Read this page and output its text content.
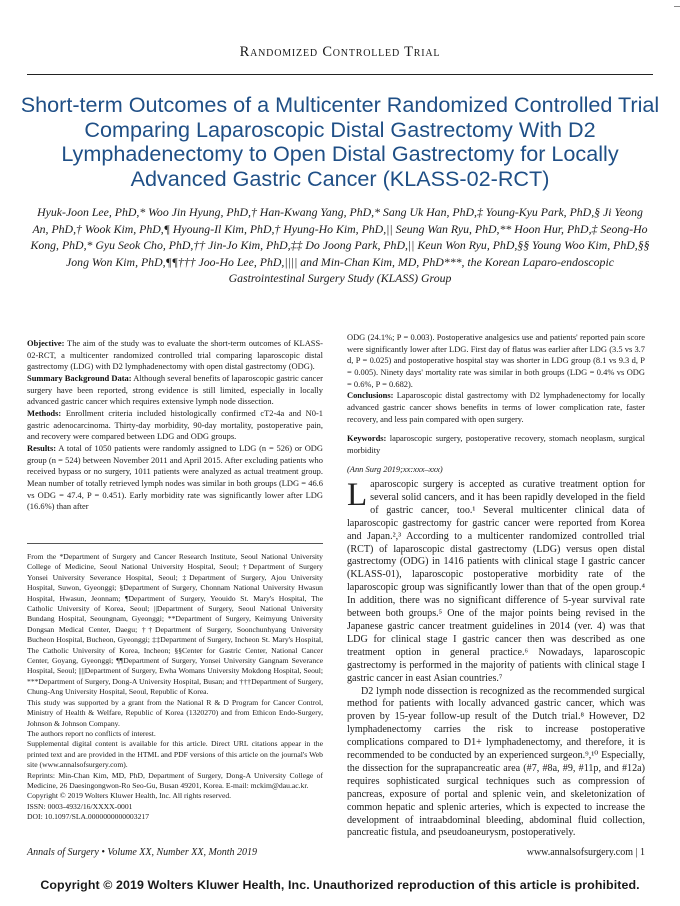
Randomized Controlled Trial
Short-term Outcomes of a Multicenter Randomized Controlled Trial Comparing Laparoscopic Distal Gastrectomy With D2 Lymphadenectomy to Open Distal Gastrectomy for Locally Advanced Gastric Cancer (KLASS-02-RCT)
Hyuk-Joon Lee, PhD,* Woo Jin Hyung, PhD,† Han-Kwang Yang, PhD,* Sang Uk Han, PhD,‡ Young-Kyu Park, PhD,§ Ji Yeong An, PhD,† Wook Kim, PhD,¶ Hyoung-Il Kim, PhD,† Hyung-Ho Kim, PhD,|| Seung Wan Ryu, PhD,** Hoon Hur, PhD,‡ Seong-Ho Kong, PhD,* Gyu Seok Cho, PhD,†† Jin-Jo Kim, PhD,‡‡ Do Joong Park, PhD,|| Keun Won Ryu, PhD,§§ Young Woo Kim, PhD,§§ Jong Won Kim, PhD,¶¶††† Joo-Ho Lee, PhD,|||| and Min-Chan Kim, MD, PhD***, the Korean Laparo-endoscopic Gastrointestinal Surgery Study (KLASS) Group

Objective: The aim of the study was to evaluate the short-term outcomes of KLASS-02-RCT, a multicenter randomized controlled trial comparing laparoscopic distal gastrectomy (LDG) with D2 lymphadenectomy with open distal gastrectomy (ODG).

Summary Background Data: Although several benefits of laparoscopic gastric cancer surgery have been reported, strong evidence is still limited, especially in locally advanced gastric cancer which requires extensive lymph node dissection.

Methods: Enrollment criteria included histologically confirmed cT2-4a and N0-1 gastric adenocarcinoma. Thirty-day morbidity, 90-day mortality, postoperative pain, and recovery were compared between LDG and ODG groups.

Results: A total of 1050 patients were randomly assigned to LDG (n = 526) or ODG group (n = 524) between November 2011 and April 2015. After excluding patients who received bypass or no surgery, 1011 patients were analyzed as actual treatment group. Mean number of totally retrieved lymph nodes was similar in both groups (LDG = 46.6 vs ODG = 47.4, P = 0.451). Early morbidity rate was significantly lower after LDG (16.6%) than after

ODG (24.1%; P = 0.003). Postoperative analgesics use and patients' reported pain score were significantly lower after LDG. First day of flatus was earlier after LDG (3.5 vs 3.7 d, P = 0.025) and postoperative hospital stay was shorter in LDG group (8.1 vs 9.3 d, P = 0.005). Ninety days' mortality rate was similar in both groups (LDG = 0.4% vs ODG = 0.6%, P = 0.682).

Conclusions: Laparoscopic distal gastrectomy with D2 lymphadenectomy for locally advanced gastric cancer shows benefits in terms of lower complication rate, faster recovery, and less pain compared with open surgery.

Keywords: laparoscopic surgery, postoperative recovery, stomach neoplasm, surgical morbidity

(Ann Surg 2019;xx:xxx–xxx)

Laparoscopic surgery is accepted as curative treatment option for several solid cancers, and it has been rapidly developed in the field of gastric cancer, too.¹ Several multicenter clinical data of laparoscopic gastrectomy for gastric cancer were reported from Korea and Japan.²,³ According to a multicenter randomized controlled trial (RCT) of laparoscopic distal gastrectomy (LDG) versus open distal gastrectomy (ODG) in 1416 patients with clinical stage I gastric cancer (KLASS-01), laparoscopic postoperative morbidity rate of the laparoscopic group was significantly lower than that of the open group.⁴ In addition, there was no significant difference of 5-year survival rate between both groups.⁵ One of the major points being revised in the Japanese gastric cancer treatment guidelines in 2014 (ver. 4) was that LDG for clinical stage I gastric cancer then was described as one treatment option in general practice.⁶ Nowadays, laparoscopic gastrectomy is performed in the majority of patients with clinical stage I gastric cancer in east Asian countries.⁷

D2 lymph node dissection is recognized as the recommended surgical method for patients with locally advanced gastric cancer, which was proven by 15-year follow-up result of the Dutch trial.⁸ However, D2 lymphadenectomy carries the risk to increase postoperative complications compared to D1+ lymphadenectomy, and therefore, it is recommended to be conducted by an experienced surgeon.⁹,¹⁰ Especially, the dissection for the suprapancreatic area (#7, #8a, #9, #11p, and #12a) requires sophisticated surgical techniques such as compression of pancreas, exposure of portal and splenic vein, and skeletonization of common hepatic and splenic arteries, which is expected to increase the development of intraabdominal bleeding, abdominal fluid collection, pancreatic fistula, and pseudoaneurysm, postoperatively.

From the *Department of Surgery and Cancer Research Institute, Seoul National University College of Medicine, Seoul National University Hospital, Seoul; †Department of Surgery Yonsei University Severance Hospital, Seoul; ‡Department of Surgery, Ajou University Hospital, Suwon, Gyeonggi; §Department of Surgery, Chonnam National University Hwasun Hospital, Hwasun, Jeonnam; ¶Department of Surgery, Yeouido St. Mary's Hospital, The Catholic University of Korea, Seoul; ||Department of Surgery, Seoul National University Bundang Hospital, Seoungnam, Gyeonggi; **Department of Surgery, Keimyung University Dongsan Medical Center, Daegu; ††Department of Surgery, Soonchunhyang University Bucheon Hospital, Bucheon, Gyeonggi; ‡‡Department of Surgery, Incheon St. Mary's Hospital, The Catholic University of Korea, Incheon; §§Center for Gastric Center, National Cancer Center, Goyang, Gyeonggi; ¶¶Department of Surgery, Yonsei University Gangnam Severance Hospital, Seoul; ||||Department of Surgery, Ewha Womans University Mokdong Hospital, Seoul; ***Department of Surgery, Dong-A University Hospital, Busan; and †††Department of Surgery, Chung-Ang University Hospital, Seoul, Republic of Korea.

This study was supported by a grant from the National R & D Program for Cancer Control, Ministry of Health & Welfare, Republic of Korea (1320270) and from Ethicon Endo-Surgery, Johnson & Johnson Company.

The authors report no conflicts of interest.

Supplemental digital content is available for this article. Direct URL citations appear in the printed text and are provided in the HTML and PDF versions of this article on the journal's Web site (www.annalsofsurgery.com).

Reprints: Min-Chan Kim, MD, PhD, Department of Surgery, Dong-A University College of Medicine, 26 Daesingongwon-Ro Seo-Gu, Busan 49201, Korea. E-mail: mckim@dau.ac.kr.

Copyright © 2019 Wolters Kluwer Health, Inc. All rights reserved.

ISSN: 0003-4932/16/XXXX-0001

DOI: 10.1097/SLA.0000000000003217

Annals of Surgery • Volume XX, Number XX, Month 2019	www.annalsofsurgery.com | 1
Copyright © 2019 Wolters Kluwer Health, Inc. Unauthorized reproduction of this article is prohibited.
